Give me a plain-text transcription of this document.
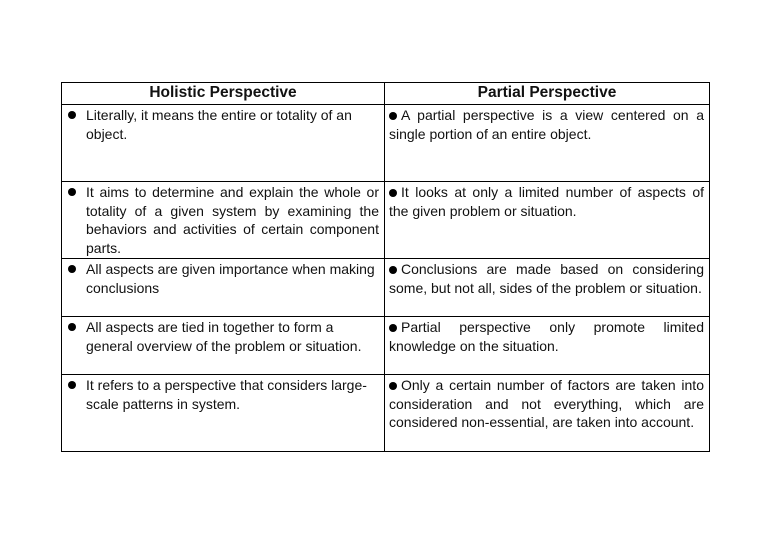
Holistic Perspective	Partial Perspective

Literally, it means the entire or totality of an object.	A partial perspective is a view centered on a single portion of an entire object.

It aims to determine and explain the whole or totality of a given system by examining the behaviors and activities of certain component parts.	It looks at only a limited number of aspects of the given problem or situation.

All aspects are given importance when making conclusions	Conclusions are made based on considering some, but not all, sides of the problem or situation.

All aspects are tied in together to form a general overview of the problem or situation.	Partial perspective only promote limited knowledge on the situation.

It refers to a perspective that considers large-scale patterns in system.	Only a certain number of factors are taken into consideration and not everything, which are considered non-essential, are taken into account.
